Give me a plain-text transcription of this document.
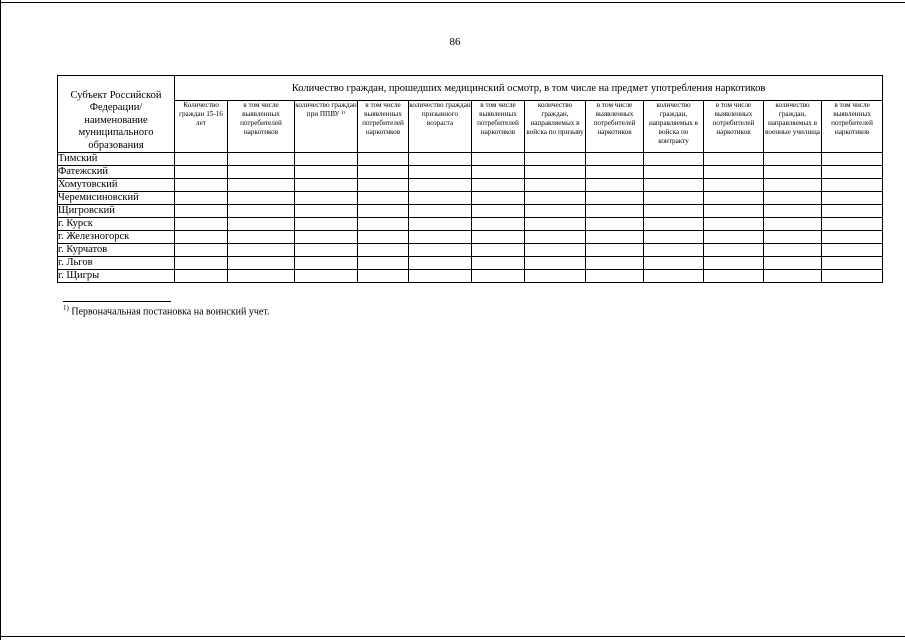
86
Субъект Российской Федерации/ наименование муниципального образования	Количество граждан, прошедших медицинский осмотр, в том числе на предмет употребления наркотиков											
	Количество граждан 15-16 лет	в том числе выявленных потребителей наркотиков	количество граждан при ППВУ ¹⁾	в том числе выявленных потребителей наркотиков	количество граждан призывного возраста	в том числе выявленных потребителей наркотиков	количество граждан, направляемых в войска по призыву	в том числе выявленных потребителей наркотиков	количество граждан, направляемых в войска по контракту	в том числе выявленных потребителей наркотиков	количество граждан, направляемых в военные училища	в том числе выявленных потребителей наркотиков
Тимский												
Фатежский												
Хомутовский												
Черемисиновский												
Щигровский												
г. Курск												
г. Железногорск												
г. Курчатов												
г. Льгов												
г. Щигры												
$^{1)}$ Первоначальная постановка на воинский учет.
